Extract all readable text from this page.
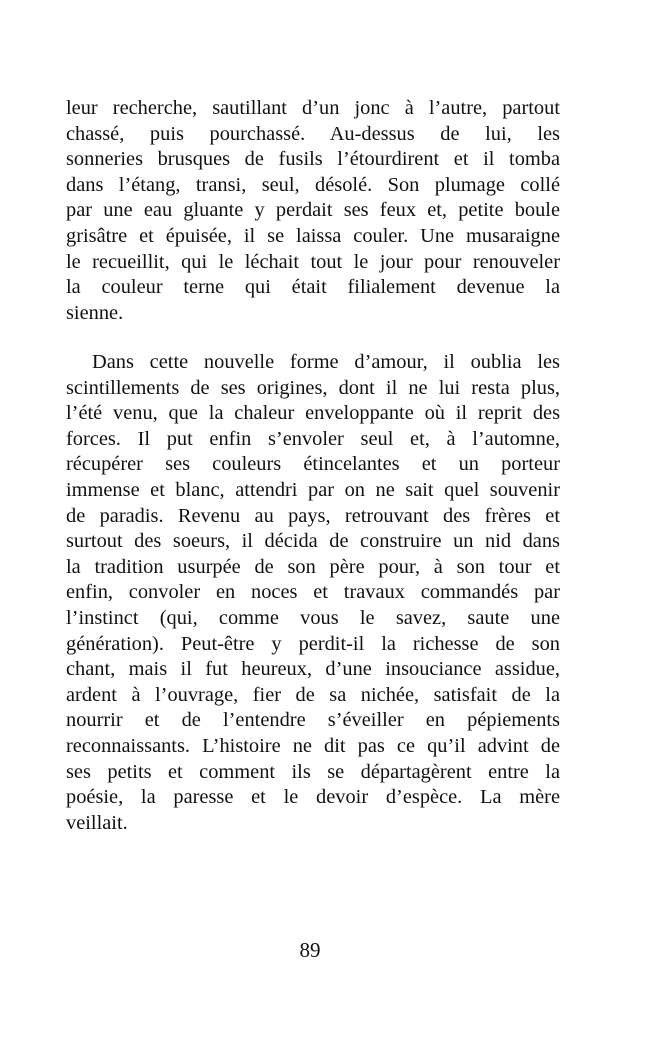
leur recherche, sautillant d’un jonc à l’autre, partout
chassé, puis pourchassé. Au-dessus de lui, les
sonneries brusques de fusils l’étourdirent et il tomba
dans l’étang, transi, seul, désolé. Son plumage collé
par une eau gluante y perdait ses feux et, petite boule
grisâtre et épuisée, il se laissa couler. Une musaraigne
le recueillit, qui le léchait tout le jour pour renouveler
la couleur terne qui était filialement devenue la
sienne.
Dans cette nouvelle forme d’amour, il oublia les
scintillements de ses origines, dont il ne lui resta plus,
l’été venu, que la chaleur enveloppante où il reprit des
forces. Il put enfin s’envoler seul et, à l’automne,
récupérer ses couleurs étincelantes et un porteur
immense et blanc, attendri par on ne sait quel souvenir
de paradis. Revenu au pays, retrouvant des frères et
surtout des soeurs, il décida de construire un nid dans
la tradition usurpée de son père pour, à son tour et
enfin, convoler en noces et travaux commandés par
l’instinct (qui, comme vous le savez, saute une
génération). Peut-être y perdit-il la richesse de son
chant, mais il fut heureux, d’une insouciance assidue,
ardent à l’ouvrage, fier de sa nichée, satisfait de la
nourrir et de l’entendre s’éveiller en pépiements
reconnaissants. L’histoire ne dit pas ce qu’il advint de
ses petits et comment ils se départagèrent entre la
poésie, la paresse et le devoir d’espèce. La mère
veillait.
89
